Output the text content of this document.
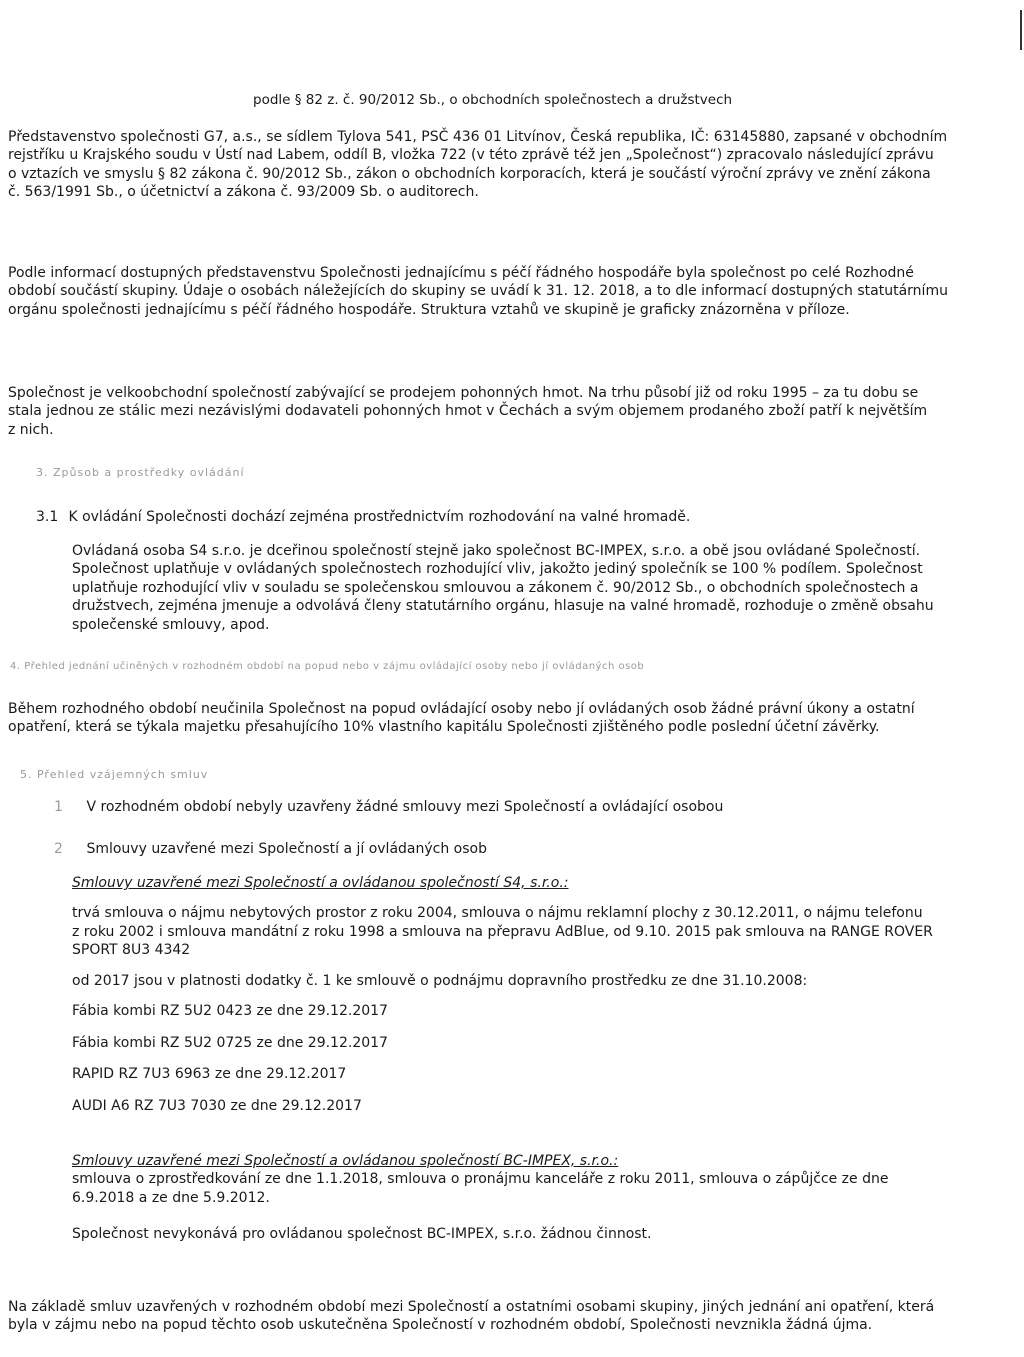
podle § 82 z. č. 90/2012 Sb., o obchodních společnostech a družstvech
Představenstvo společnosti G7, a.s., se sídlem Tylova 541, PSČ 436 01 Litvínov, Česká republika, IČ: 63145880, zapsané v obchodním
rejstříku u Krajského soudu v Ústí nad Labem, oddíl B, vložka 722 (v této zprávě též jen „Společnost“) zpracovalo následující zprávu
o vztazích ve smyslu § 82 zákona č. 90/2012 Sb., zákon o obchodních korporacích, která je součástí výroční zprávy ve znění zákona
č. 563/1991 Sb., o účetnictví a zákona č. 93/2009 Sb. o auditorech.
Podle informací dostupných představenstvu Společnosti jednajícímu s péčí řádného hospodáře byla společnost po celé Rozhodné
období součástí skupiny. Údaje o osobách náležejících do skupiny se uvádí k 31. 12. 2018, a to dle informací dostupných statutárnímu
orgánu společnosti jednajícímu s péčí řádného hospodáře. Struktura vztahů ve skupině je graficky znázorněna v příloze.
Společnost je velkoobchodní společností zabývající se prodejem pohonných hmot. Na trhu působí již od roku 1995 – za tu dobu se
stala jednou ze stálic mezi nezávislými dodavateli pohonných hmot v Čechách a svým objemem prodaného zboží patří k největším
z nich.
3. Způsob a prostředky ovládání
3.1 K ovládání Společnosti dochází zejména prostřednictvím rozhodování na valné hromadě.
Ovládaná osoba S4 s.r.o. je dceřinou společností stejně jako společnost BC-IMPEX, s.r.o. a obě jsou ovládané Společností.
Společnost uplatňuje v ovládaných společnostech rozhodující vliv, jakožto jediný společník se 100 % podílem. Společnost
uplatňuje rozhodující vliv v souladu se společenskou smlouvou a zákonem č. 90/2012 Sb., o obchodních společnostech a
družstvech, zejména jmenuje a odvolává členy statutárního orgánu, hlasuje na valné hromadě, rozhoduje o změně obsahu
společenské smlouvy, apod.
4. Přehled jednání učiněných v rozhodném období na popud nebo v zájmu ovládající osoby nebo jí ovládaných osob
Během rozhodného období neučinila Společnost na popud ovládající osoby nebo jí ovládaných osob žádné právní úkony a ostatní
opatření, která se týkala majetku přesahujícího 10% vlastního kapitálu Společnosti zjištěného podle poslední účetní závěrky.
5. Přehled vzájemných smluv
1 V rozhodném období nebyly uzavřeny žádné smlouvy mezi Společností a ovládající osobou
2 Smlouvy uzavřené mezi Společností a jí ovládaných osob
Smlouvy uzavřené mezi Společností a ovládanou společností S4, s.r.o.:
trvá smlouva o nájmu nebytových prostor z roku 2004, smlouva o nájmu reklamní plochy z 30.12.2011, o nájmu telefonu
z roku 2002 i smlouva mandátní z roku 1998 a smlouva na přepravu AdBlue, od 9.10. 2015 pak smlouva na RANGE ROVER
SPORT 8U3 4342
od 2017 jsou v platnosti dodatky č. 1 ke smlouvě o podnájmu dopravního prostředku ze dne 31.10.2008:
Fábia kombi RZ 5U2 0423 ze dne 29.12.2017
Fábia kombi RZ 5U2 0725 ze dne 29.12.2017
RAPID RZ 7U3 6963 ze dne 29.12.2017
AUDI A6 RZ 7U3 7030 ze dne 29.12.2017
Smlouvy uzavřené mezi Společností a ovládanou společností BC-IMPEX, s.r.o.:
smlouva o zprostředkování ze dne 1.1.2018, smlouva o pronájmu kanceláře z roku 2011, smlouva o zápůjčce ze dne
6.9.2018 a ze dne 5.9.2012.
Společnost nevykonává pro ovládanou společnost BC-IMPEX, s.r.o. žádnou činnost.
Na základě smluv uzavřených v rozhodném období mezi Společností a ostatními osobami skupiny, jiných jednání ani opatření, která
byla v zájmu nebo na popud těchto osob uskutečněna Společností v rozhodném období, Společnosti nevznikla žádná újma.
